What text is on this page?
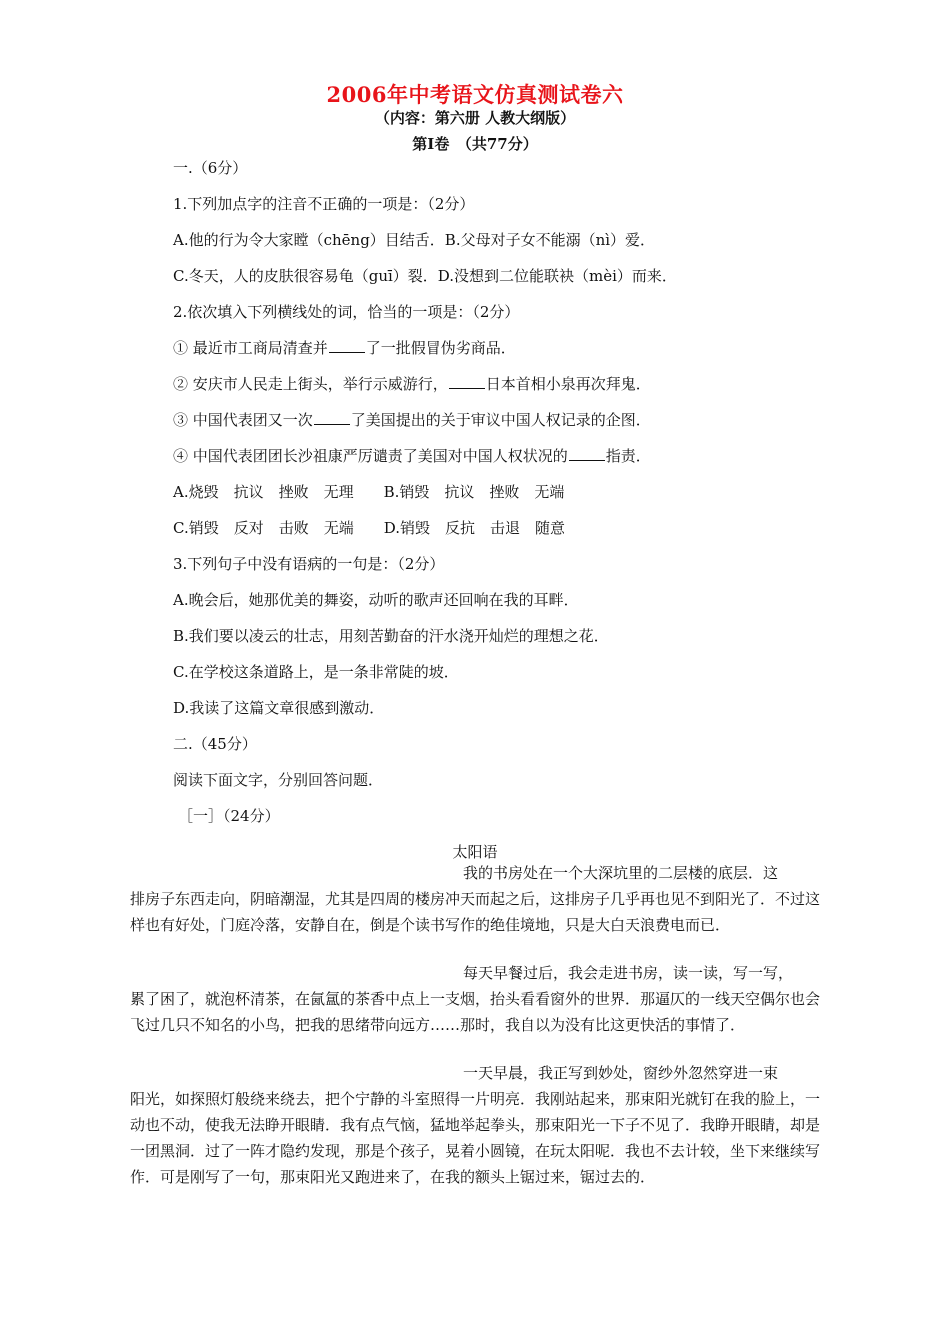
2006年中考语文仿真测试卷六
（内容：第六册 人教大纲版）
第Ⅰ卷　（共77分）
一.（6分）
1.下列加点字的注音不正确的一项是：（2分）
A.他的行为令大家瞠（chēng）目结舌．B.父母对子女不能溺（nì）爱．
C.冬天，人的皮肤很容易龟（guī）裂．D.没想到二位能联袂（mèi）而来．
2.依次填入下列横线处的词，恰当的一项是：（2分）
① 最近市工商局清查并	了一批假冒伪劣商品．
② 安庆市人民走上街头，举行示威游行，	日本首相小泉再次拜鬼．
③ 中国代表团又一次	了美国提出的关于审议中国人权记录的企图．
④ 中国代表团团长沙祖康严厉谴责了美国对中国人权状况的	指责．
A.烧毁　抗议　挫败　无理　　B.销毁　抗议　挫败　无端
C.销毁　反对　击败　无端　　D.销毁　反抗　击退　随意
3.下列句子中没有语病的一句是：（2分）
A.晚会后，她那优美的舞姿，动听的歌声还回响在我的耳畔．
B.我们要以凌云的壮志，用刻苦勤奋的汗水浇开灿烂的理想之花．
C.在学校这条道路上，是一条非常陡的坡．
D.我读了这篇文章很感到激动．
二.（45分）
阅读下面文字，分别回答问题．
［一］（24分）
太阳语
我的书房处在一个大深坑里的二层楼的底层．这
排房子东西走向，阴暗潮湿，尤其是四周的楼房冲天而起之后，这排房子几乎再也见不到阳光了．不过这样也有好处，门庭冷落，安静自在，倒是个读书写作的绝佳境地，只是大白天浪费电而已．
每天早餐过后，我会走进书房，读一读，写一写，
累了困了，就泡杯清茶，在氤氲的茶香中点上一支烟，抬头看看窗外的世界．那逼仄的一线天空偶尔也会飞过几只不知名的小鸟，把我的思绪带向远方……那时，我自以为没有比这更快活的事情了．
一天早晨，我正写到妙处，窗纱外忽然穿进一束
阳光，如探照灯般绕来绕去，把个宁静的斗室照得一片明亮．我刚站起来，那束阳光就钉在我的脸上，一动也不动，使我无法睁开眼睛．我有点气恼，猛地举起拳头，那束阳光一下子不见了．我睁开眼睛，却是一团黑洞．过了一阵才隐约发现，那是个孩子，晃着小圆镜，在玩太阳呢．我也不去计较，坐下来继续写作．可是刚写了一句，那束阳光又跑进来了，在我的额头上锯过来，锯过去的．
